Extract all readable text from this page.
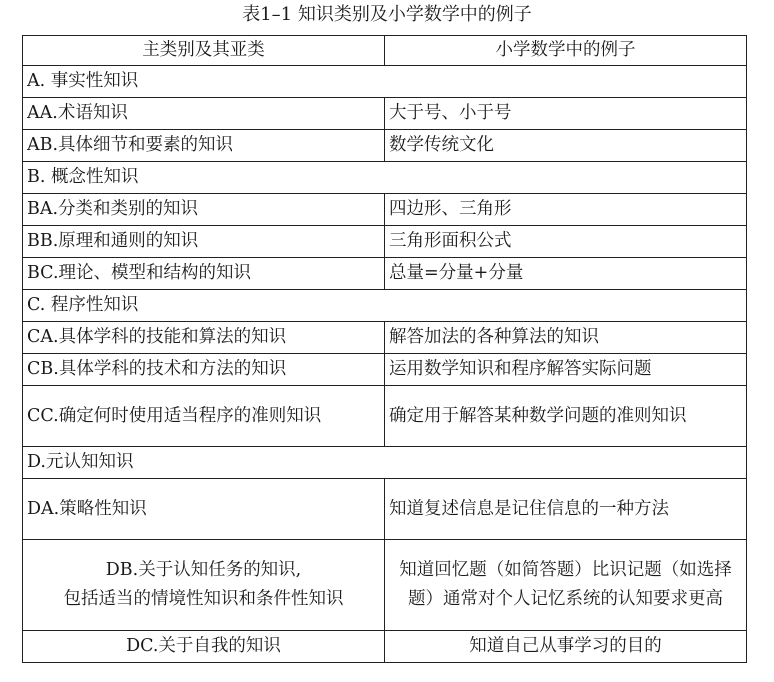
表1–1 知识类别及小学数学中的例子
主类别及其亚类	小学数学中的例子
A. 事实性知识	
AA.术语知识	大于号、小于号
AB.具体细节和要素的知识	数学传统文化
B. 概念性知识	
BA.分类和类别的知识	四边形、三角形
BB.原理和通则的知识	三角形面积公式
BC.理论、模型和结构的知识	总量=分量+分量
C. 程序性知识	
CA.具体学科的技能和算法的知识	解答加法的各种算法的知识
CB.具体学科的技术和方法的知识	运用数学知识和程序解答实际问题
CC.确定何时使用适当程序的准则知识	确定用于解答某种数学问题的准则知识
D.元认知知识	
DA.策略性知识	知道复述信息是记住信息的一种方法

DB.关于认知任务的知识,
包括适当的情境性知识和条件性知识	知道回忆题（如简答题）比识记题（如选择题）通常对个人记忆系统的认知要求更高
DC.关于自我的知识	知道自己从事学习的目的
